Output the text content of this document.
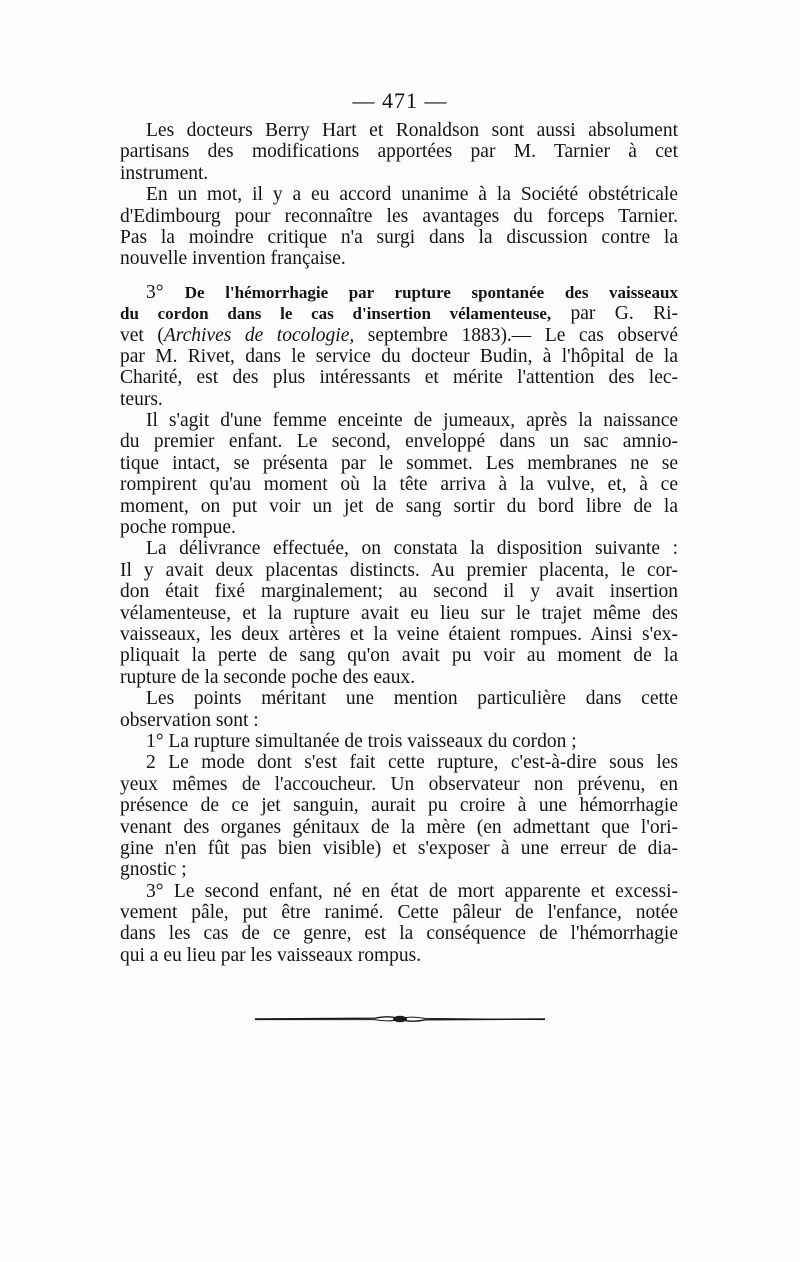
— 471 —
Les docteurs Berry Hart et Ronaldson sont aussi absolument
partisans des modifications apportées par M. Tarnier à cet
instrument.
En un mot, il y a eu accord unanime à la Société obstétricale
d'Edimbourg pour reconnaître les avantages du forceps Tarnier.
Pas la moindre critique n'a surgi dans la discussion contre la
nouvelle invention française.
3° De l'hémorrhagie par rupture spontanée des vaisseaux
du cordon dans le cas d'insertion vélamenteuse, par G. Ri-
vet (Archives de tocologie, septembre 1883).— Le cas observé
par M. Rivet, dans le service du docteur Budin, à l'hôpital de la
Charité, est des plus intéressants et mérite l'attention des lec-
teurs.
Il s'agit d'une femme enceinte de jumeaux, après la naissance
du premier enfant. Le second, enveloppé dans un sac amnio-
tique intact, se présenta par le sommet. Les membranes ne se
rompirent qu'au moment où la tête arriva à la vulve, et, à ce
moment, on put voir un jet de sang sortir du bord libre de la
poche rompue.
La délivrance effectuée, on constata la disposition suivante :
Il y avait deux placentas distincts. Au premier placenta, le cor-
don était fixé marginalement; au second il y avait insertion
vélamenteuse, et la rupture avait eu lieu sur le trajet même des
vaisseaux, les deux artères et la veine étaient rompues. Ainsi s'ex-
pliquait la perte de sang qu'on avait pu voir au moment de la
rupture de la seconde poche des eaux.
Les points méritant une mention particulière dans cette
observation sont :
1° La rupture simultanée de trois vaisseaux du cordon ;
2 Le mode dont s'est fait cette rupture, c'est-à-dire sous les
yeux mêmes de l'accoucheur. Un observateur non prévenu, en
présence de ce jet sanguin, aurait pu croire à une hémorrhagie
venant des organes génitaux de la mère (en admettant que l'ori-
gine n'en fût pas bien visible) et s'exposer à une erreur de dia-
gnostic ;
3° Le second enfant, né en état de mort apparente et excessi-
vement pâle, put être ranimé. Cette pâleur de l'enfance, notée
dans les cas de ce genre, est la conséquence de l'hémorrhagie
qui a eu lieu par les vaisseaux rompus.
